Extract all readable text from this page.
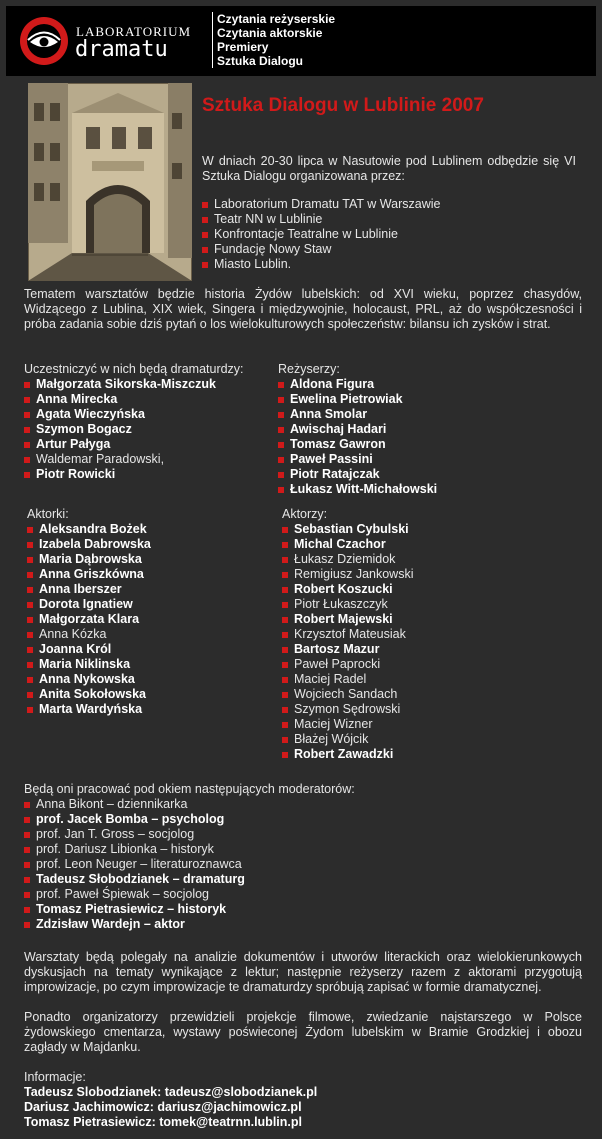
LABORATORIUM
dramatu
Czytania reżyserskie
Czytania aktorskie
Premiery
Sztuka Dialogu
Sztuka Dialogu w Lublinie 2007
W dniach 20-30 lipca w Nasutowie pod Lublinem odbędzie się VI Sztuka Dialogu organizowana przez:
Laboratorium Dramatu TAT w Warszawie
Teatr NN w Lublinie
Konfrontacje Teatralne w Lublinie
Fundację Nowy Staw
Miasto Lublin.
Tematem warsztatów będzie historia Żydów lubelskich: od XVI wieku, poprzez chasydów, Widzącego z Lublina, XIX wiek, Singera i międzywojnie, holocaust, PRL, aż do współczesności i próba zadania sobie dziś pytań o los wielokulturowych społeczeństw: bilansu ich zysków i strat.
Uczestniczyć w nich będą dramaturdzy:
Małgorzata Sikorska-Miszczuk
Anna Mirecka
Agata Wieczyńska
Szymon Bogacz
Artur Pałyga
Waldemar Paradowski,
Piotr Rowicki
Reżyserzy:
Aldona Figura
Ewelina Pietrowiak
Anna Smolar
Awischaj Hadari
Tomasz Gawron
Paweł Passini
Piotr Ratajczak
Łukasz Witt-Michałowski
Aktorki:
Aleksandra Bożek
Izabela Dabrowska
Maria Dąbrowska
Anna Griszkówna
Anna Iberszer
Dorota Ignatiew
Małgorzata Klara
Anna Kózka
Joanna Król
Maria Niklinska
Anna Nykowska
Anita Sokołowska
Marta Wardyńska
Aktorzy:
Sebastian Cybulski
Michal Czachor
Łukasz Dziemidok
Remigiusz Jankowski
Robert Koszucki
Piotr Łukaszczyk
Robert Majewski
Krzysztof Mateusiak
Bartosz Mazur
Paweł Paprocki
Maciej Radel
Wojciech Sandach
Szymon Sędrowski
Maciej Wizner
Błażej Wójcik
Robert Zawadzki
Będą oni pracować pod okiem następujących moderatorów:
Anna Bikont – dziennikarka
prof. Jacek Bomba – psycholog
prof. Jan T. Gross – socjolog
prof. Dariusz Libionka – historyk
prof. Leon Neuger – literaturoznawca
Tadeusz Słobodzianek – dramaturg
prof. Paweł Śpiewak – socjolog
Tomasz Pietrasiewicz – historyk
Zdzisław Wardejn – aktor
Warsztaty będą polegały na analizie dokumentów i utworów literackich oraz wielokierunkowych dyskusjach na tematy wynikające z lektur; następnie reżyserzy razem z aktorami przygotują improwizacje, po czym improwizacje te dramaturdzy spróbują zapisać w formie dramatycznej.
Ponadto organizatorzy przewidzieli projekcje filmowe, zwiedzanie najstarszego w Polsce żydowskiego cmentarza, wystawy poświeconej Żydom lubelskim w Bramie Grodzkiej i obozu zagłady w Majdanku.
Informacje:
Tadeusz Slobodzianek: tadeusz@slobodzianek.pl
Dariusz Jachimowicz: dariusz@jachimowicz.pl
Tomasz Pietrasiewicz: tomek@teatrnn.lublin.pl
